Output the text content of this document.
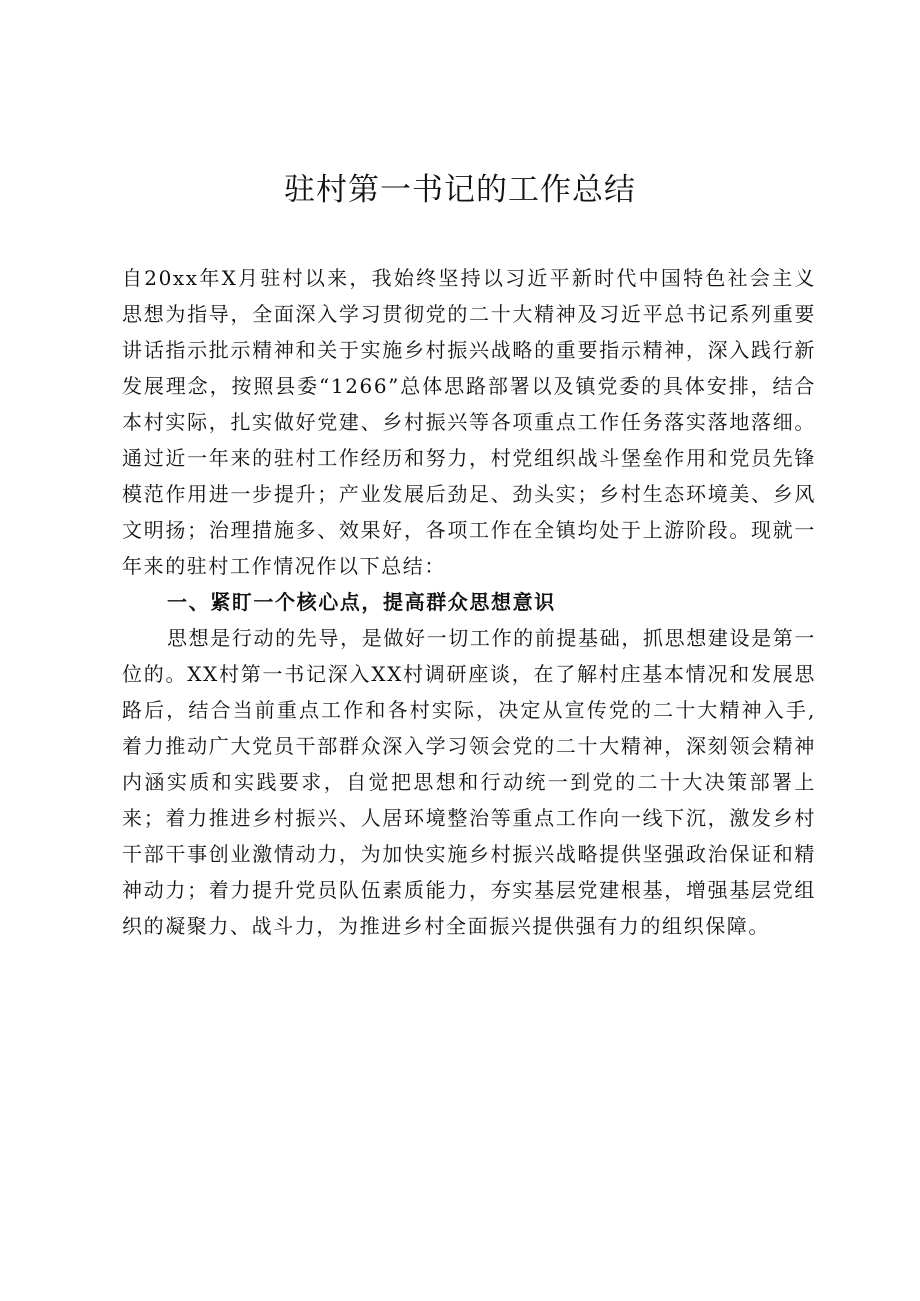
驻村第一书记的工作总结

自20xx年X月驻村以来，我始终坚持以习近平新时代中国特色社会主义思想为指导，全面深入学习贯彻党的二十大精神及习近平总书记系列重要讲话指示批示精神和关于实施乡村振兴战略的重要指示精神，深入践行新发展理念，按照县委“1266”总体思路部署以及镇党委的具体安排，结合本村实际，扎实做好党建、乡村振兴等各项重点工作任务落实落地落细。通过近一年来的驻村工作经历和努力，村党组织战斗堡垒作用和党员先锋模范作用进一步提升；产业发展后劲足、劲头实；乡村生态环境美、乡风文明扬；治理措施多、效果好，各项工作在全镇均处于上游阶段。现就一年来的驻村工作情况作以下总结：

一、紧盯一个核心点，提高群众思想意识

思想是行动的先导，是做好一切工作的前提基础，抓思想建设是第一位的。XX村第一书记深入XX村调研座谈，在了解村庄基本情况和发展思路后，结合当前重点工作和各村实际，决定从宣传党的二十大精神入手,着力推动广大党员干部群众深入学习领会党的二十大精神，深刻领会精神内涵实质和实践要求，自觉把思想和行动统一到党的二十大决策部署上来；着力推进乡村振兴、人居环境整治等重点工作向一线下沉，激发乡村干部干事创业激情动力，为加快实施乡村振兴战略提供坚强政治保证和精神动力；着力提升党员队伍素质能力，夯实基层党建根基，增强基层党组织的凝聚力、战斗力，为推进乡村全面振兴提供强有力的组织保障。
